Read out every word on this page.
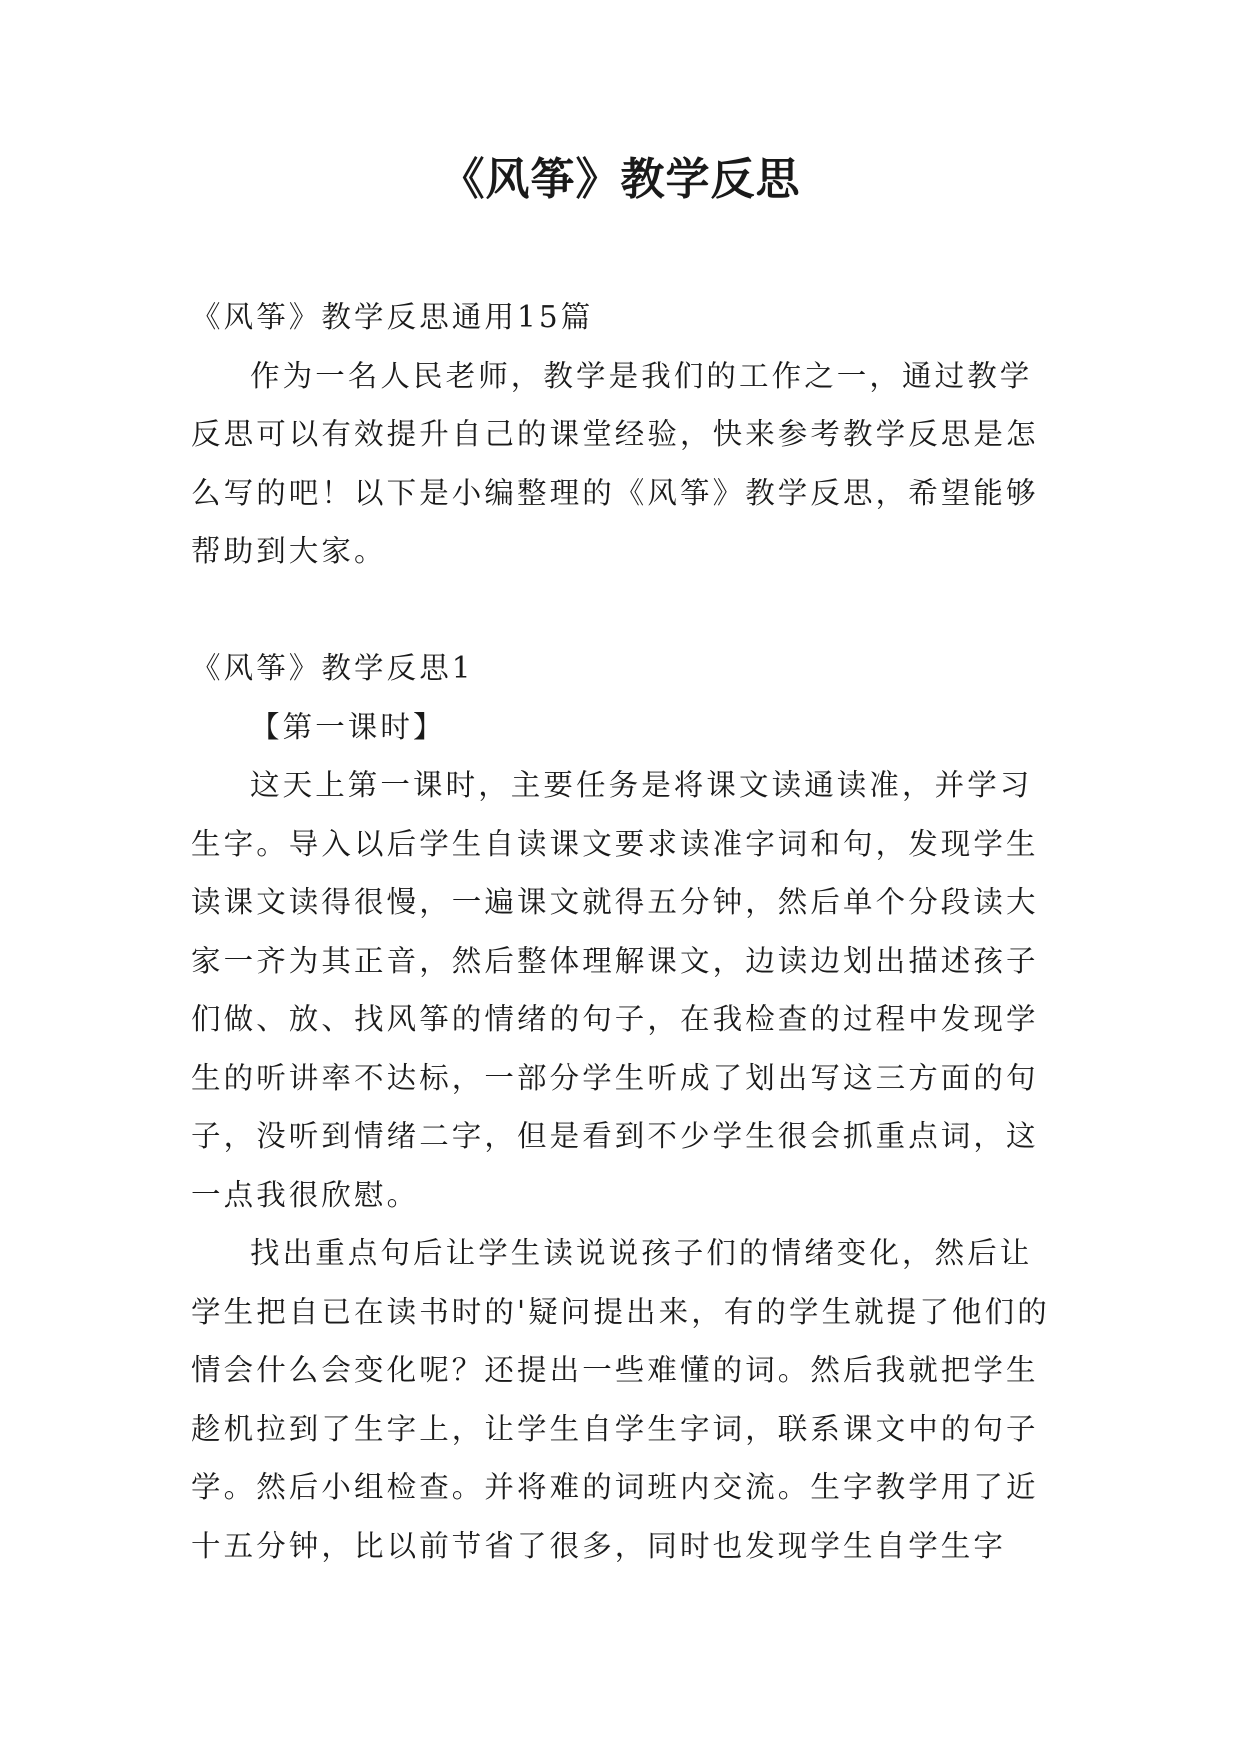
《风筝》教学反思

《风筝》教学反思通用15篇

作为一名人民老师，教学是我们的工作之一，通过教学反思可以有效提升自己的课堂经验，快来参考教学反思是怎么写的吧！以下是小编整理的《风筝》教学反思，希望能够帮助到大家。

《风筝》教学反思1

【第一课时】

这天上第一课时，主要任务是将课文读通读准，并学习生字。导入以后学生自读课文要求读准字词和句，发现学生读课文读得很慢，一遍课文就得五分钟，然后单个分段读大家一齐为其正音，然后整体理解课文，边读边划出描述孩子们做、放、找风筝的情绪的句子，在我检查的过程中发现学生的听讲率不达标，一部分学生听成了划出写这三方面的句子，没听到情绪二字，但是看到不少学生很会抓重点词，这一点我很欣慰。

找出重点句后让学生读说说孩子们的情绪变化，然后让学生把自已在读书时的'疑问提出来，有的学生就提了他们的情会什么会变化呢？还提出一些难懂的词。然后我就把学生趁机拉到了生字上，让学生自学生字词，联系课文中的句子学。然后小组检查。并将难的词班内交流。生字教学用了近十五分钟，比以前节省了很多，同时也发现学生自学生字
